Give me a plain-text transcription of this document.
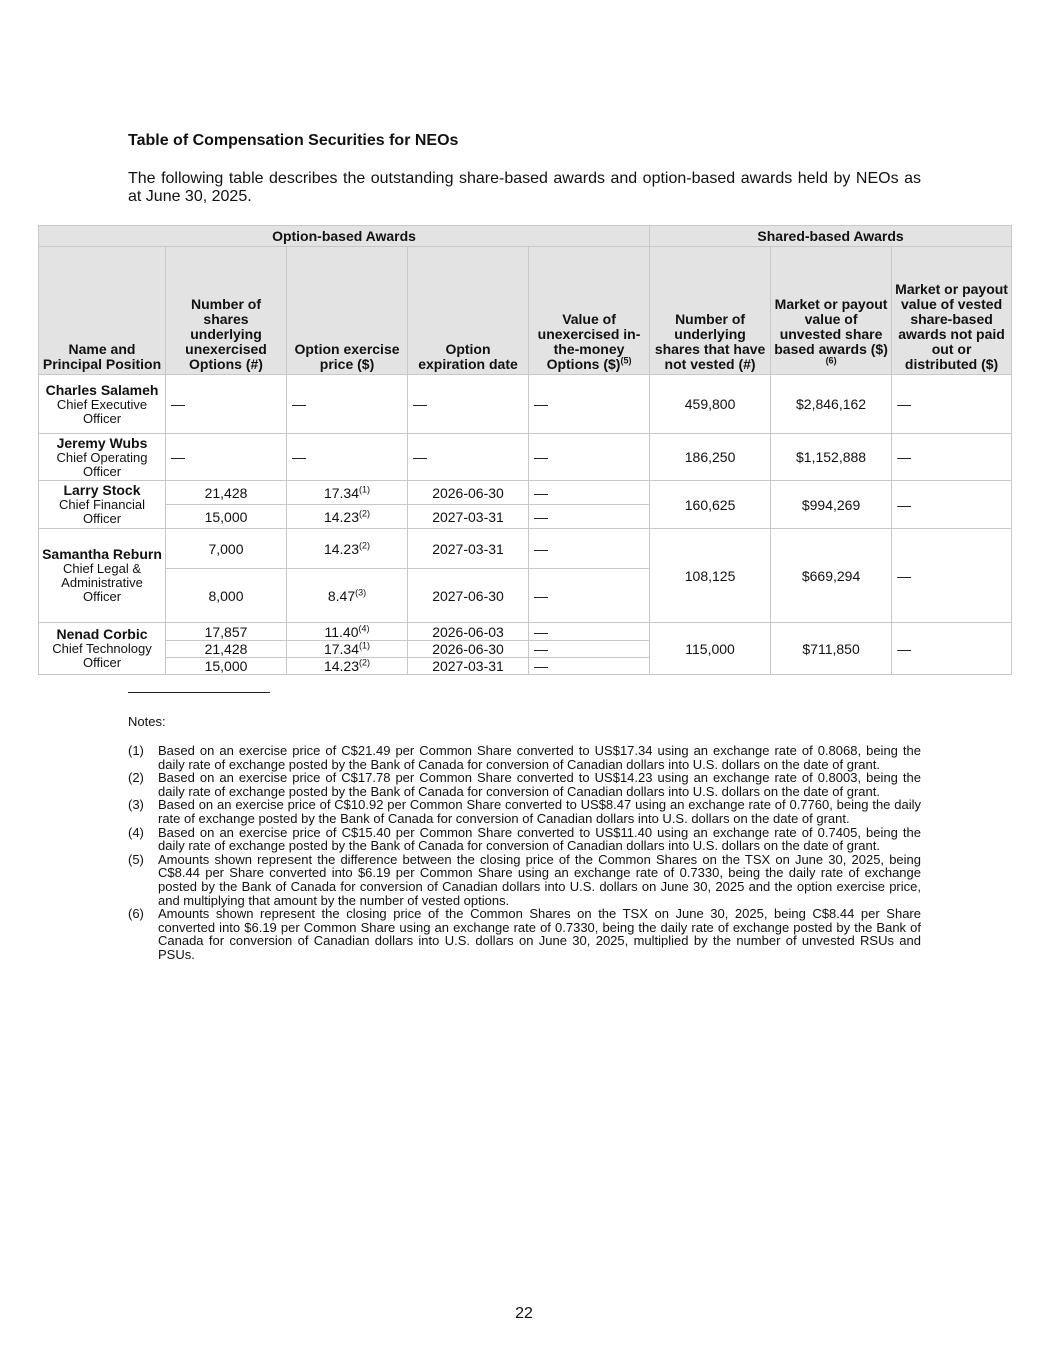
Table of Compensation Securities for NEOs
The following table describes the outstanding share-based awards and option-based awards held by NEOs as at June 30, 2025.
Option-based Awards					Shared-based Awards		
Name and Principal Position	Number of shares underlying unexercised Options (#)	Option exercise price ($)	Option expiration date	Value of unexercised in-the-money Options ($)$^{(5)}$	Number of underlying shares that have not vested (#)	Market or payout value of unvested share based awards ($)$^{(6)}$	Market or payout value of vested share-based awards not paid out or distributed ($)

Charles Salameh
Chief Executive Officer	—	—	—	—	459,800	$2,846,162	—

Jeremy Wubs
Chief Operating Officer	—	—	—	—	186,250	$1,152,888	—

Larry Stock
Chief Financial Officer	21,428	17.34$^{(1)}$	2026-06-30	—	160,625	$994,269	—
	15,000	14.23$^{(2)}$	2027-03-31	—			

Samantha Reburn
Chief Legal & Administrative Officer	7,000	14.23$^{(2)}$	2027-03-31	—	108,125	$669,294	—
	8,000	8.47$^{(3)}$	2027-06-30	—			

Nenad Corbic
Chief Technology Officer	17,857	11.40$^{(4)}$	2026-06-03	—	115,000	$711,850	—
	21,428	17.34$^{(1)}$	2026-06-30	—			
	15,000	14.23$^{(2)}$	2027-03-31	—			
Notes:
(1)	Based on an exercise price of C$21.49 per Common Share converted to US$17.34 using an exchange rate of 0.8068, being the daily rate of exchange posted by the Bank of Canada for conversion of Canadian dollars into U.S. dollars on the date of grant.
(2)	Based on an exercise price of C$17.78 per Common Share converted to US$14.23 using an exchange rate of 0.8003, being the daily rate of exchange posted by the Bank of Canada for conversion of Canadian dollars into U.S. dollars on the date of grant.
(3)	Based on an exercise price of C$10.92 per Common Share converted to US$8.47 using an exchange rate of 0.7760, being the daily rate of exchange posted by the Bank of Canada for conversion of Canadian dollars into U.S. dollars on the date of grant.
(4)	Based on an exercise price of C$15.40 per Common Share converted to US$11.40 using an exchange rate of 0.7405, being the daily rate of exchange posted by the Bank of Canada for conversion of Canadian dollars into U.S. dollars on the date of grant.
(5)	Amounts shown represent the difference between the closing price of the Common Shares on the TSX on June 30, 2025, being C$8.44 per Share converted into $6.19 per Common Share using an exchange rate of 0.7330, being the daily rate of exchange posted by the Bank of Canada for conversion of Canadian dollars into U.S. dollars on June 30, 2025 and the option exercise price, and multiplying that amount by the number of vested options.
(6)	Amounts shown represent the closing price of the Common Shares on the TSX on June 30, 2025, being C$8.44 per Share converted into $6.19 per Common Share using an exchange rate of 0.7330, being the daily rate of exchange posted by the Bank of Canada for conversion of Canadian dollars into U.S. dollars on June 30, 2025, multiplied by the number of unvested RSUs and PSUs.
22
